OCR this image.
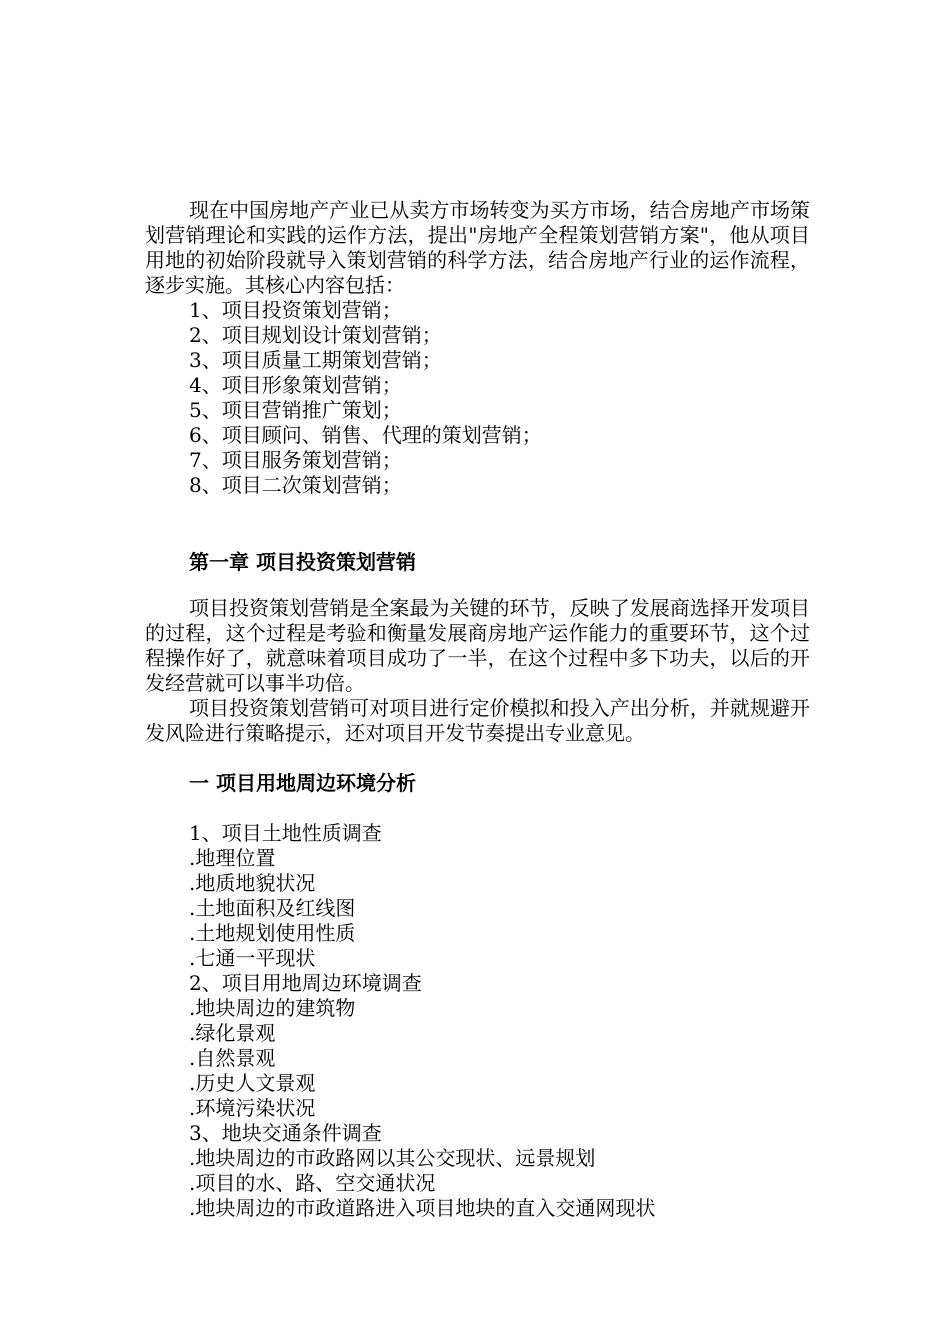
现在中国房地产产业已从卖方市场转变为买方市场，结合房地产市场策划营销理论和实践的运作方法，提出"房地产全程策划营销方案"，他从项目用地的初始阶段就导入策划营销的科学方法，结合房地产行业的运作流程，逐步实施。其核心内容包括：

1、项目投资策划营销；
2、项目规划设计策划营销；
3、项目质量工期策划营销；
4、项目形象策划营销；
5、项目营销推广策划；
6、项目顾问、销售、代理的策划营销；
7、项目服务策划营销；
8、项目二次策划营销；
第一章 项目投资策划营销

项目投资策划营销是全案最为关键的环节，反映了发展商选择开发项目的过程，这个过程是考验和衡量发展商房地产运作能力的重要环节，这个过程操作好了，就意味着项目成功了一半，在这个过程中多下功夫，以后的开发经营就可以事半功倍。

项目投资策划营销可对项目进行定价模拟和投入产出分析，并就规避开发风险进行策略提示，还对项目开发节奏提出专业意见。

一 项目用地周边环境分析
1、项目土地性质调查
.地理位置
.地质地貌状况
.土地面积及红线图
.土地规划使用性质
.七通一平现状
2、项目用地周边环境调查
.地块周边的建筑物
.绿化景观
.自然景观
.历史人文景观
.环境污染状况
3、地块交通条件调查
.地块周边的市政路网以其公交现状、远景规划
.项目的水、路、空交通状况
.地块周边的市政道路进入项目地块的直入交通网现状
